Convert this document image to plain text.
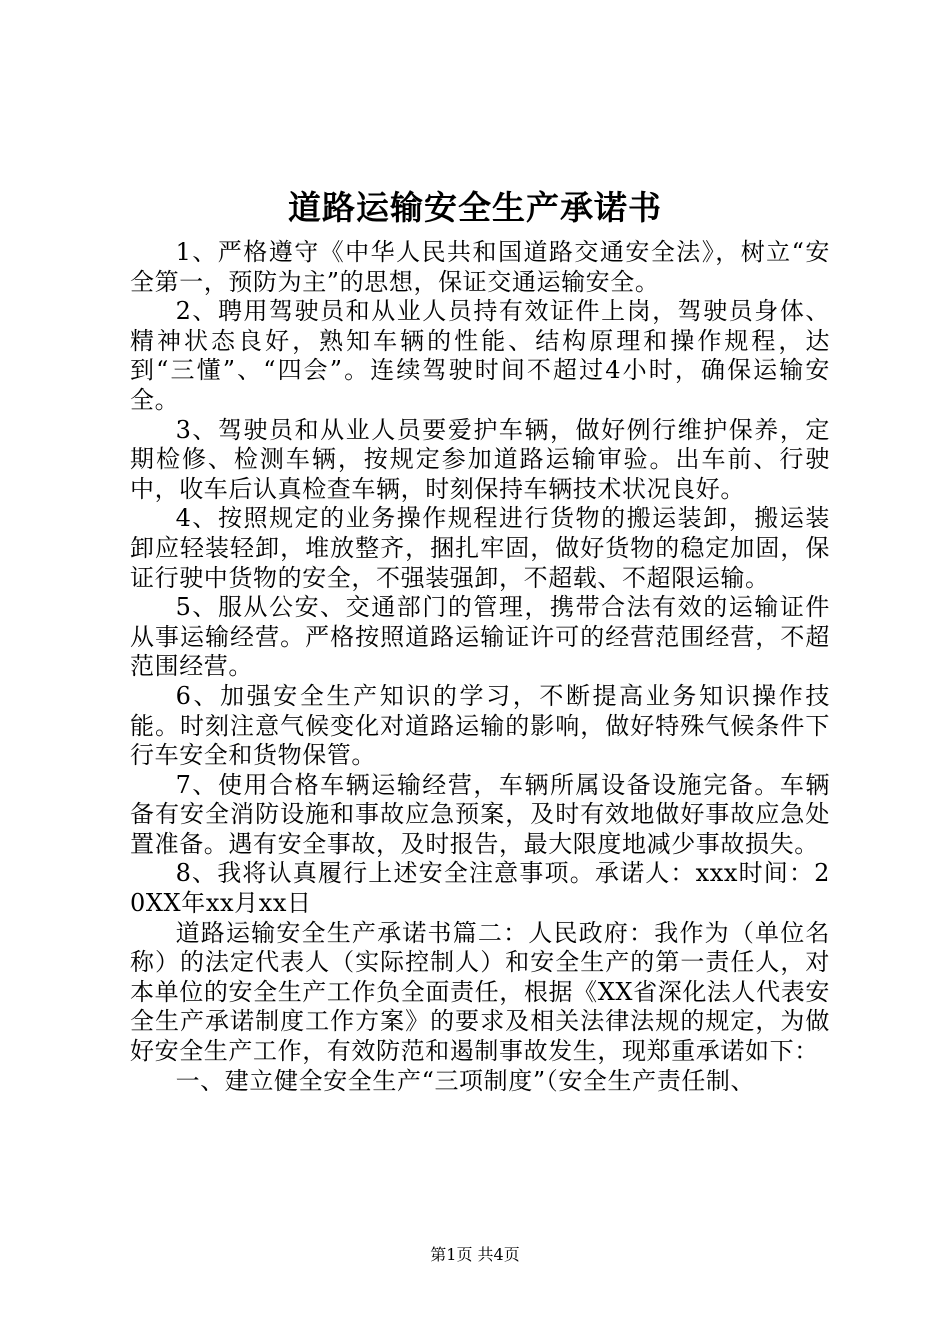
道路运输安全生产承诺书

1、严格遵守《中华人民共和国道路交通安全法》，树立“安全第一，预防为主”的思想，保证交通运输安全。

2、聘用驾驶员和从业人员持有效证件上岗，驾驶员身体、精神状态良好，熟知车辆的性能、结构原理和操作规程，达到“三懂”、“四会”。连续驾驶时间不超过4小时，确保运输安全。

3、驾驶员和从业人员要爱护车辆，做好例行维护保养，定期检修、检测车辆，按规定参加道路运输审验。出车前、行驶中，收车后认真检查车辆，时刻保持车辆技术状况良好。

4、按照规定的业务操作规程进行货物的搬运装卸，搬运装卸应轻装轻卸，堆放整齐，捆扎牢固，做好货物的稳定加固，保证行驶中货物的安全，不强装强卸，不超载、不超限运输。

5、服从公安、交通部门的管理，携带合法有效的运输证件从事运输经营。严格按照道路运输证许可的经营范围经营，不超范围经营。

6、加强安全生产知识的学习，不断提高业务知识操作技能。时刻注意气候变化对道路运输的影响，做好特殊气候条件下行车安全和货物保管。

7、使用合格车辆运输经营，车辆所属设备设施完备。车辆备有安全消防设施和事故应急预案，及时有效地做好事故应急处置准备。遇有安全事故，及时报告，最大限度地减少事故损失。

8、我将认真履行上述安全注意事项。承诺人：xxx时间：20XX年xx月xx日

道路运输安全生产承诺书篇二：人民政府：我作为（单位名称）的法定代表人（实际控制人）和安全生产的第一责任人，对本单位的安全生产工作负全面责任，根据《XX省深化法人代表安全生产承诺制度工作方案》的要求及相关法律法规的规定，为做好安全生产工作，有效防范和遏制事故发生，现郑重承诺如下：

一、建立健全安全生产“三项制度”（安全生产责任制、

第1页 共4页
